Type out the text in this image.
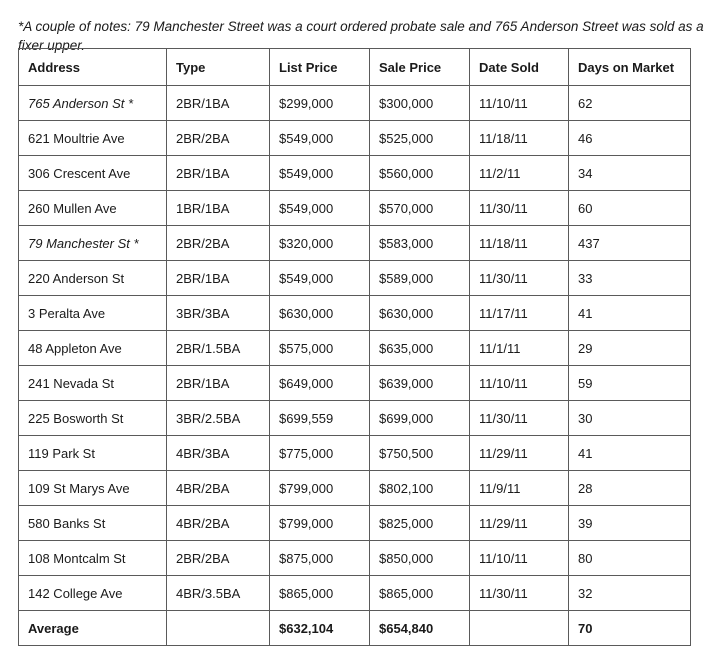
*A couple of notes: 79 Manchester Street was a court ordered probate sale and 765 Anderson Street was sold as a fixer upper.

Address	Type	List Price	Sale Price	Date Sold	Days on Market
765 Anderson St *	2BR/1BA	$299,000	$300,000	11/10/11	62
621 Moultrie Ave	2BR/2BA	$549,000	$525,000	11/18/11	46
306 Crescent Ave	2BR/1BA	$549,000	$560,000	11/2/11	34
260 Mullen Ave	1BR/1BA	$549,000	$570,000	11/30/11	60
79 Manchester St *	2BR/2BA	$320,000	$583,000	11/18/11	437
220 Anderson St	2BR/1BA	$549,000	$589,000	11/30/11	33
3 Peralta Ave	3BR/3BA	$630,000	$630,000	11/17/11	41
48 Appleton Ave	2BR/1.5BA	$575,000	$635,000	11/1/11	29
241 Nevada St	2BR/1BA	$649,000	$639,000	11/10/11	59
225 Bosworth St	3BR/2.5BA	$699,559	$699,000	11/30/11	30
119 Park St	4BR/3BA	$775,000	$750,500	11/29/11	41
109 St Marys Ave	4BR/2BA	$799,000	$802,100	11/9/11	28
580 Banks St	4BR/2BA	$799,000	$825,000	11/29/11	39
108 Montcalm St	2BR/2BA	$875,000	$850,000	11/10/11	80
142 College Ave	4BR/3.5BA	$865,000	$865,000	11/30/11	32
Average		$632,104	$654,840		70
